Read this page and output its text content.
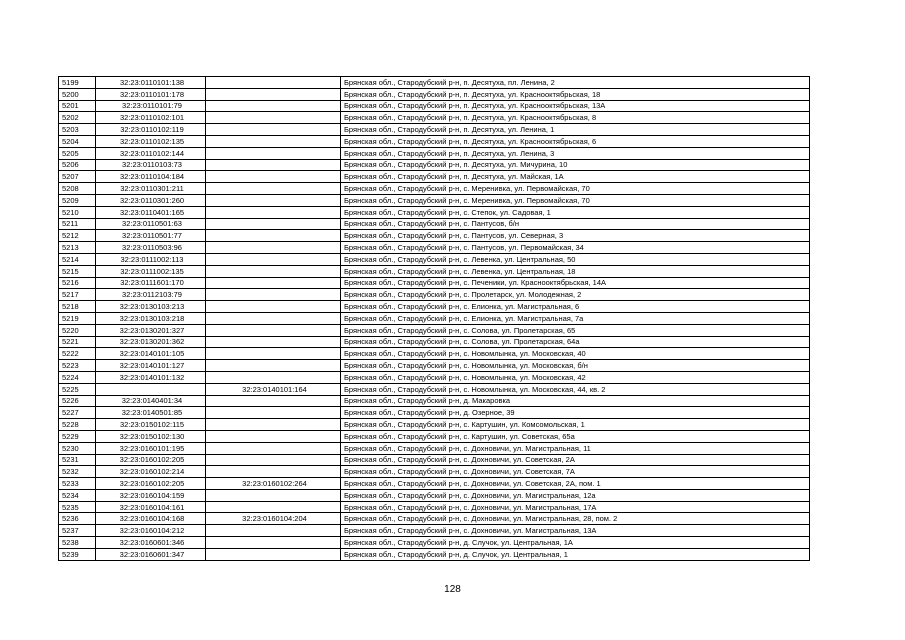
5199	32:23:0110101:138		Брянская обл., Стародубский р-н, п. Десятуха, пл. Ленина, 2
5200	32:23:0110101:178		Брянская обл., Стародубский р-н, п. Десятуха, ул. Краснооктябрьская, 18
5201	32:23:0110101:79		Брянская обл., Стародубский р-н, п. Десятуха, ул. Краснооктябрьская, 13А
5202	32:23:0110102:101		Брянская обл., Стародубский р-н, п. Десятуха, ул. Краснооктябрьская, 8
5203	32:23:0110102:119		Брянская обл., Стародубский р-н, п. Десятуха, ул. Ленина, 1
5204	32:23:0110102:135		Брянская обл., Стародубский р-н, п. Десятуха, ул. Краснооктябрьская, 6
5205	32:23:0110102:144		Брянская обл., Стародубский р-н, п. Десятуха, ул. Ленина, 3
5206	32:23:0110103:73		Брянская обл., Стародубский р-н, п. Десятуха, ул. Мичурина, 10
5207	32:23:0110104:184		Брянская обл., Стародубский р-н, п. Десятуха, ул. Майская, 1А
5208	32:23:0110301:211		Брянская обл., Стародубский р-н, с. Меренивка, ул. Первомайская, 70
5209	32:23:0110301:260		Брянская обл., Стародубский р-н, с. Меренивка, ул. Первомайская, 70
5210	32:23:0110401:165		Брянская обл., Стародубский р-н, с. Степок, ул. Садовая, 1
5211	32:23:0110501:63		Брянская обл., Стародубский р-н, с. Пантусов, б/н
5212	32:23:0110501:77		Брянская обл., Стародубский р-н, с. Пантусов, ул. Северная, 3
5213	32:23:0110503:96		Брянская обл., Стародубский р-н, с. Пантусов, ул. Первомайская, 34
5214	32:23:0111002:113		Брянская обл., Стародубский р-н, с. Левенка, ул. Центральная, 50
5215	32:23:0111002:135		Брянская обл., Стародубский р-н, с. Левенка, ул. Центральная, 18
5216	32:23:0111601:170		Брянская обл., Стародубский р-н, с. Печеники, ул. Краснооктябрьская, 14А
5217	32:23:0112103:79		Брянская обл., Стародубский р-н, с. Пролетарск, ул. Молодежная, 2
5218	32:23:0130103:213		Брянская обл., Стародубский р-н, с. Елионка, ул. Магистральная, 6
5219	32:23:0130103:218		Брянская обл., Стародубский р-н, с. Елионка, ул. Магистральная, 7а
5220	32:23:0130201:327		Брянская обл., Стародубский р-н, с. Солова, ул. Пролетарская, 65
5221	32:23:0130201:362		Брянская обл., Стародубский р-н, с. Солова, ул. Пролетарская, 64а
5222	32:23:0140101:105		Брянская обл., Стародубский р-н, с. Новомлынка, ул. Московская, 40
5223	32:23:0140101:127		Брянская обл., Стародубский р-н, с. Новомлынка, ул. Московская, б/н
5224	32:23:0140101:132		Брянская обл., Стародубский р-н, с. Новомлынка, ул. Московская, 42
5225		32:23:0140101:164	Брянская обл., Стародубский р-н, с. Новомлынка, ул. Московская, 44, кв. 2
5226	32:23:0140401:34		Брянская обл., Стародубский р-н, д. Макаровка
5227	32:23:0140501:85		Брянская обл., Стародубский р-н, д. Озерное, 39
5228	32:23:0150102:115		Брянская обл., Стародубский р-н, с. Картушин, ул. Комсомольская, 1
5229	32:23:0150102:130		Брянская обл., Стародубский р-н, с. Картушин, ул. Советская, 65а
5230	32:23:0160101:195		Брянская обл., Стародубский р-н, с. Дохновичи, ул. Магистральная, 11
5231	32:23:0160102:205		Брянская обл., Стародубский р-н, с. Дохновичи, ул. Советская, 2А
5232	32:23:0160102:214		Брянская обл., Стародубский р-н, с. Дохновичи, ул. Советская, 7А
5233	32:23:0160102:205	32:23:0160102:264	Брянская обл., Стародубский р-н, с. Дохновичи, ул. Советская, 2А, пом. 1
5234	32:23:0160104:159		Брянская обл., Стародубский р-н, с. Дохновичи, ул. Магистральная, 12а
5235	32:23:0160104:161		Брянская обл., Стародубский р-н, с. Дохновичи, ул. Магистральная, 17А
5236	32:23:0160104:168	32:23:0160104:204	Брянская обл., Стародубский р-н, с. Дохновичи, ул. Магистральная, 28, пом. 2
5237	32:23:0160104:212		Брянская обл., Стародубский р-н, с. Дохновичи, ул. Магистральная, 13А
5238	32:23:0160601:346		Брянская обл., Стародубский р-н, д. Случок, ул. Центральная, 1А
5239	32:23:0160601:347		Брянская обл., Стародубский р-н, д. Случок, ул. Центральная, 1
128
